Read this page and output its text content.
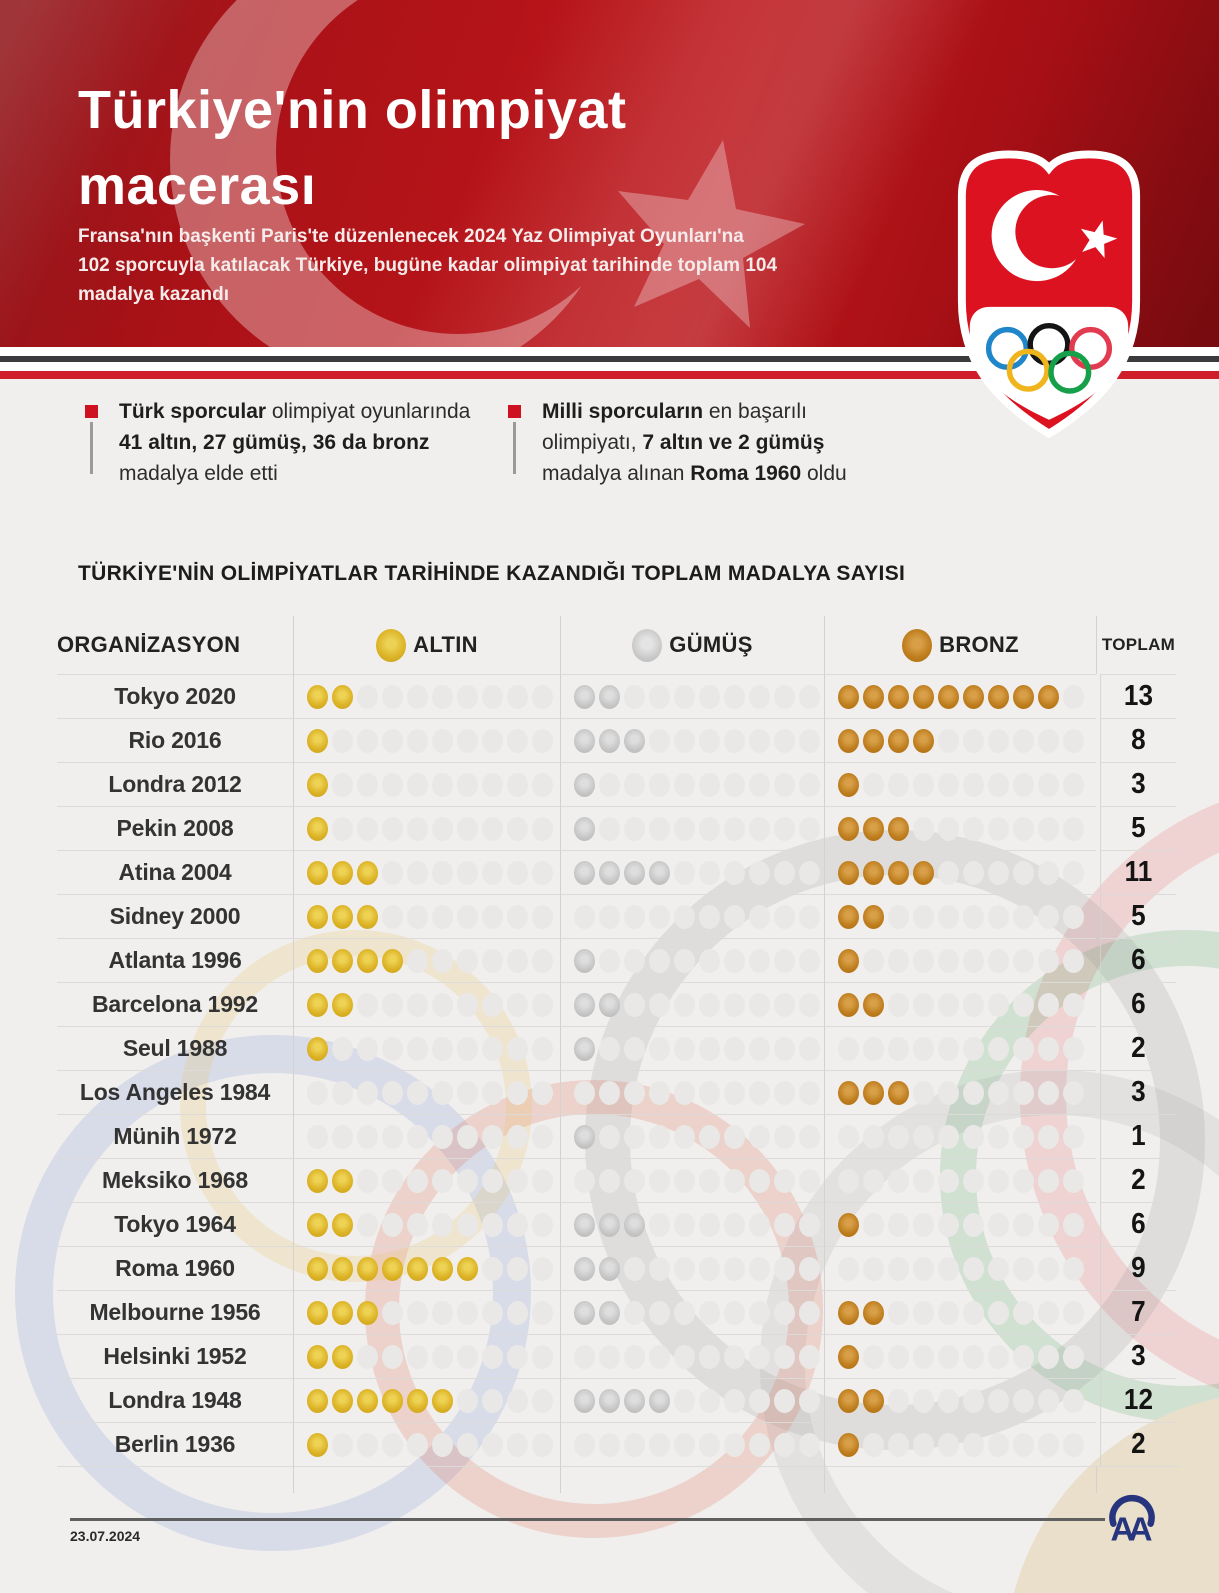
Türkiye'nin olimpiyat
macerası
Fransa'nın başkenti Paris'te düzenlenecek 2024 Yaz Olimpiyat Oyunları'na 102 sporcuyla katılacak Türkiye, bugüne kadar olimpiyat tarihinde toplam 104 madalya kazandı
Türk sporcular olimpiyat oyunlarında 41 altın, 27 gümüş, 36 da bronz madalya elde etti
Milli sporcuların en başarılı olimpiyatı, 7 altın ve 2 gümüş madalya alınan Roma 1960 oldu
TÜRKİYE'NİN OLİMPİYATLAR TARİHİNDE KAZANDIĞI TOPLAM MADALYA SAYISI
ORGANİZASYON	ALTIN	GÜMÜŞ	BRONZ	TOPLAM
Tokyo 2020	13
Rio 2016	8
Londra 2012	3
Pekin 2008	5
Atina 2004	11
Sidney 2000	5
Atlanta 1996	6
Barcelona 1992	6
Seul 1988	2
Los Angeles 1984	3
Münih 1972	1
Meksiko 1968	2
Tokyo 1964	6
Roma 1960	9
Melbourne 1956	7
Helsinki 1952	3
Londra 1948	12
Berlin 1936	2
23.07.2024	A
A
